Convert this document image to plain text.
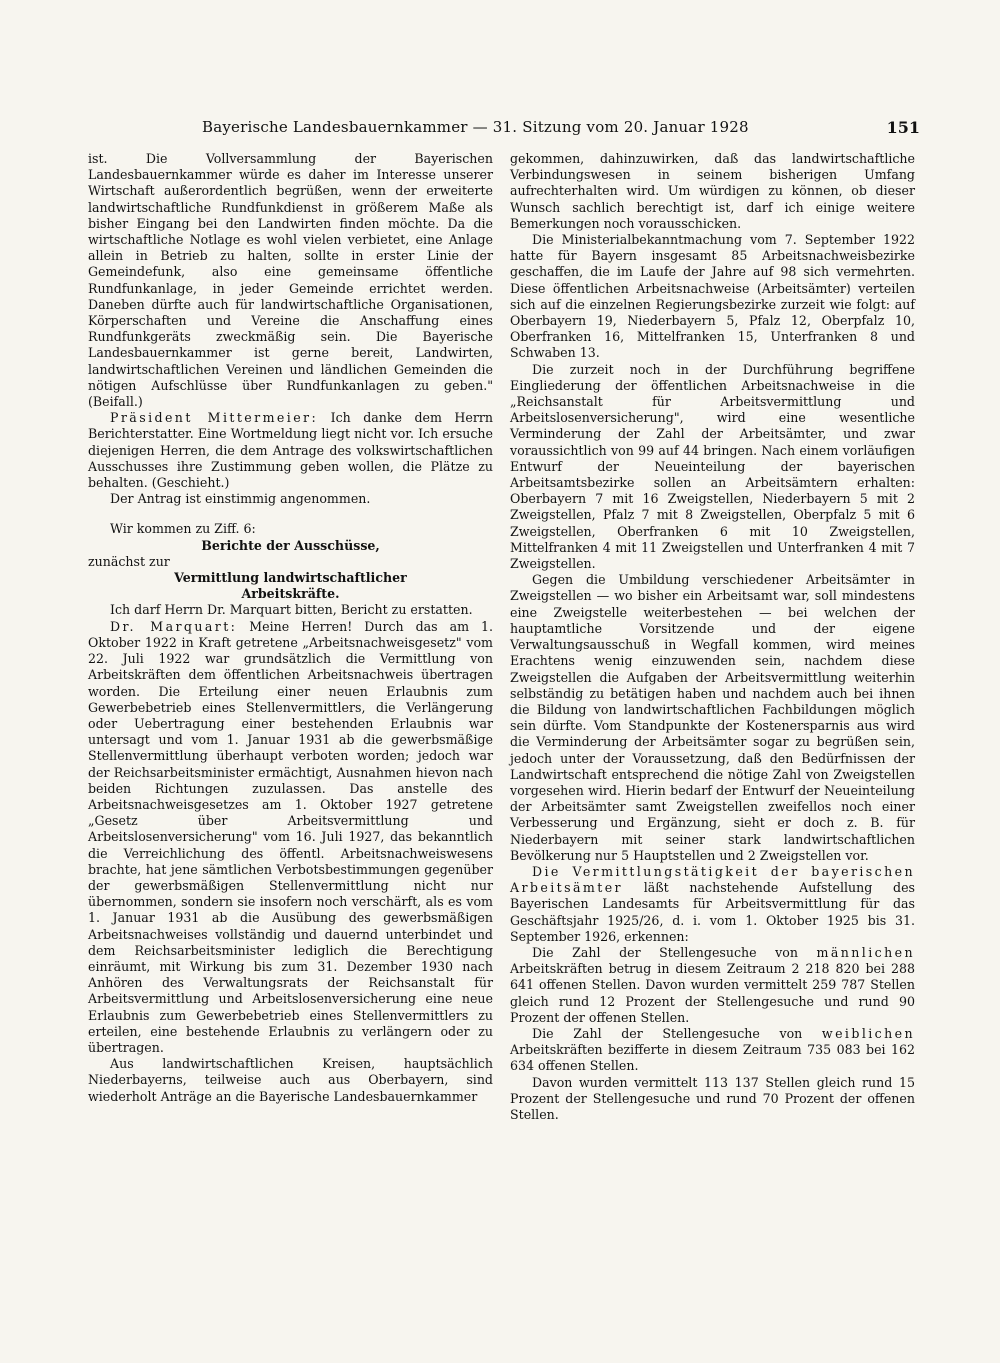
Bayerische Landesbauernkammer — 31. Sitzung vom 20. Januar 1928	151

ist. Die Vollversammlung der Bayerischen Landesbauernkammer würde es daher im Interesse unserer Wirtschaft außerordentlich begrüßen, wenn der erweiterte landwirtschaftliche Rundfunkdienst in größerem Maße als bisher Eingang bei den Landwirten finden möchte. Da die wirtschaftliche Notlage es wohl vielen verbietet, eine Anlage allein in Betrieb zu halten, sollte in erster Linie der Gemeindefunk, also eine gemeinsame öffentliche Rundfunkanlage, in jeder Gemeinde errichtet werden. Daneben dürfte auch für landwirtschaftliche Organisationen, Körperschaften und Vereine die Anschaffung eines Rundfunkgeräts zweckmäßig sein. Die Bayerische Landesbauernkammer ist gerne bereit, Landwirten, landwirtschaftlichen Vereinen und ländlichen Gemeinden die nötigen Aufschlüsse über Rundfunkanlagen zu geben." (Beifall.)

Präsident Mittermeier: Ich danke dem Herrn Berichterstatter. Eine Wortmeldung liegt nicht vor. Ich ersuche diejenigen Herren, die dem Antrage des volkswirtschaftlichen Ausschusses ihre Zustimmung geben wollen, die Plätze zu behalten. (Geschieht.)

Der Antrag ist einstimmig angenommen.

Wir kommen zu Ziff. 6:

Berichte der Ausschüsse,

zunächst zur

Vermittlung landwirtschaftlicher

Arbeitskräfte.

Ich darf Herrn Dr. Marquart bitten, Bericht zu erstatten.

Dr. Marquart: Meine Herren! Durch das am 1. Oktober 1922 in Kraft getretene „Arbeitsnachweisgesetz" vom 22. Juli 1922 war grundsätzlich die Vermittlung von Arbeitskräften dem öffentlichen Arbeitsnachweis übertragen worden. Die Erteilung einer neuen Erlaubnis zum Gewerbebetrieb eines Stellenvermittlers, die Verlängerung oder Uebertragung einer bestehenden Erlaubnis war untersagt und vom 1. Januar 1931 ab die gewerbsmäßige Stellenvermittlung überhaupt verboten worden; jedoch war der Reichsarbeitsminister ermächtigt, Ausnahmen hievon nach beiden Richtungen zuzulassen. Das anstelle des Arbeitsnachweisgesetzes am 1. Oktober 1927 getretene „Gesetz über Arbeitsvermittlung und Arbeitslosenversicherung" vom 16. Juli 1927, das bekanntlich die Verreichlichung des öffentl. Arbeitsnachweiswesens brachte, hat jene sämtlichen Verbotsbestimmungen gegenüber der gewerbsmäßigen Stellenvermittlung nicht nur übernommen, sondern sie insofern noch verschärft, als es vom 1. Januar 1931 ab die Ausübung des gewerbsmäßigen Arbeitsnachweises vollständig und dauernd unterbindet und dem Reichsarbeitsminister lediglich die Berechtigung einräumt, mit Wirkung bis zum 31. Dezember 1930 nach Anhören des Verwaltungsrats der Reichsanstalt für Arbeitsvermittlung und Arbeitslosenversicherung eine neue Erlaubnis zum Gewerbebetrieb eines Stellenvermittlers zu erteilen, eine bestehende Erlaubnis zu verlängern oder zu übertragen.

Aus landwirtschaftlichen Kreisen, hauptsächlich Niederbayerns, teilweise auch aus Oberbayern, sind wiederholt Anträge an die Bayerische Landesbauernkammer

gekommen, dahinzuwirken, daß das landwirtschaftliche Verbindungswesen in seinem bisherigen Umfang aufrechterhalten wird. Um würdigen zu können, ob dieser Wunsch sachlich berechtigt ist, darf ich einige weitere Bemerkungen noch vorausschicken.

Die Ministerialbekanntmachung vom 7. September 1922 hatte für Bayern insgesamt 85 Arbeitsnachweisbezirke geschaffen, die im Laufe der Jahre auf 98 sich vermehrten. Diese öffentlichen Arbeitsnachweise (Arbeitsämter) verteilen sich auf die einzelnen Regierungsbezirke zurzeit wie folgt: auf Oberbayern 19, Niederbayern 5, Pfalz 12, Oberpfalz 10, Oberfranken 16, Mittelfranken 15, Unterfranken 8 und Schwaben 13.

Die zurzeit noch in der Durchführung begriffene Eingliederung der öffentlichen Arbeitsnachweise in die „Reichsanstalt für Arbeitsvermittlung und Arbeitslosenversicherung", wird eine wesentliche Verminderung der Zahl der Arbeitsämter, und zwar voraussichtlich von 99 auf 44 bringen. Nach einem vorläufigen Entwurf der Neueinteilung der bayerischen Arbeitsamtsbezirke sollen an Arbeitsämtern erhalten: Oberbayern 7 mit 16 Zweigstellen, Niederbayern 5 mit 2 Zweigstellen, Pfalz 7 mit 8 Zweigstellen, Oberpfalz 5 mit 6 Zweigstellen, Oberfranken 6 mit 10 Zweigstellen, Mittelfranken 4 mit 11 Zweigstellen und Unterfranken 4 mit 7 Zweigstellen.

Gegen die Umbildung verschiedener Arbeitsämter in Zweigstellen — wo bisher ein Arbeitsamt war, soll mindestens eine Zweigstelle weiterbestehen — bei welchen der hauptamtliche Vorsitzende und der eigene Verwaltungsausschuß in Wegfall kommen, wird meines Erachtens wenig einzuwenden sein, nachdem diese Zweigstellen die Aufgaben der Arbeitsvermittlung weiterhin selbständig zu betätigen haben und nachdem auch bei ihnen die Bildung von landwirtschaftlichen Fachbildungen möglich sein dürfte. Vom Standpunkte der Kostenersparnis aus wird die Verminderung der Arbeitsämter sogar zu begrüßen sein, jedoch unter der Voraussetzung, daß den Bedürfnissen der Landwirtschaft entsprechend die nötige Zahl von Zweigstellen vorgesehen wird. Hierin bedarf der Entwurf der Neueinteilung der Arbeitsämter samt Zweigstellen zweifellos noch einer Verbesserung und Ergänzung, sieht er doch z. B. für Niederbayern mit seiner stark landwirtschaftlichen Bevölkerung nur 5 Hauptstellen und 2 Zweigstellen vor.

Die Vermittlungstätigkeit der bayerischen Arbeitsämter läßt nachstehende Aufstellung des Bayerischen Landesamts für Arbeitsvermittlung für das Geschäftsjahr 1925/26, d. i. vom 1. Oktober 1925 bis 31. September 1926, erkennen:

Die Zahl der Stellengesuche von männlichen Arbeitskräften betrug in diesem Zeitraum 2 218 820 bei 288 641 offenen Stellen. Davon wurden vermittelt 259 787 Stellen gleich rund 12 Prozent der Stellengesuche und rund 90 Prozent der offenen Stellen.

Die Zahl der Stellengesuche von weiblichen Arbeitskräften bezifferte in diesem Zeitraum 735 083 bei 162 634 offenen Stellen.

Davon wurden vermittelt 113 137 Stellen gleich rund 15 Prozent der Stellengesuche und rund 70 Prozent der offenen Stellen.
